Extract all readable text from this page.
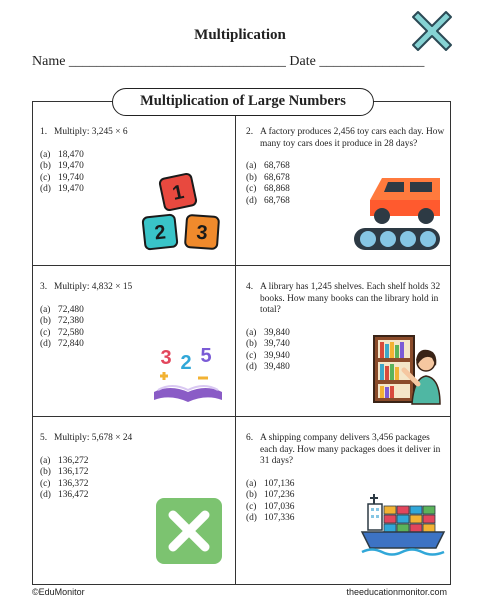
Multiplication
Name _______________________________ Date _______________
Multiplication of Large Numbers
1. Multiply: 3,245 × 6
(a) 18,470
(b) 19,470
(c) 19,740
(d) 19,470	1
2 3
2. A factory produces 2,456 toy cars each day. How many toy cars does it produce in 28 days?
(a) 68,768
(b) 68,678
(c) 68,868
(d) 68,768
3. Multiply: 4,832 × 15
(a) 72,480
(b) 72,380
(c) 72,580
(d) 72,840
3 2 5
4. A library has 1,245 shelves. Each shelf holds 32 books. How many books can the library hold in total?
(a) 39,840
(b) 39,740
(c) 39,940
(d) 39,480
5. Multiply: 5,678 × 24
(a) 136,272
(b) 136,172
(c) 136,372
(d) 136,472
6. A shipping company delivers 3,456 packages each day. How many packages does it deliver in 31 days?
(a) 107,136
(b) 107,236
(c) 107,036
(d) 107,336
©EduMonitor	theeducationmonitor.com
